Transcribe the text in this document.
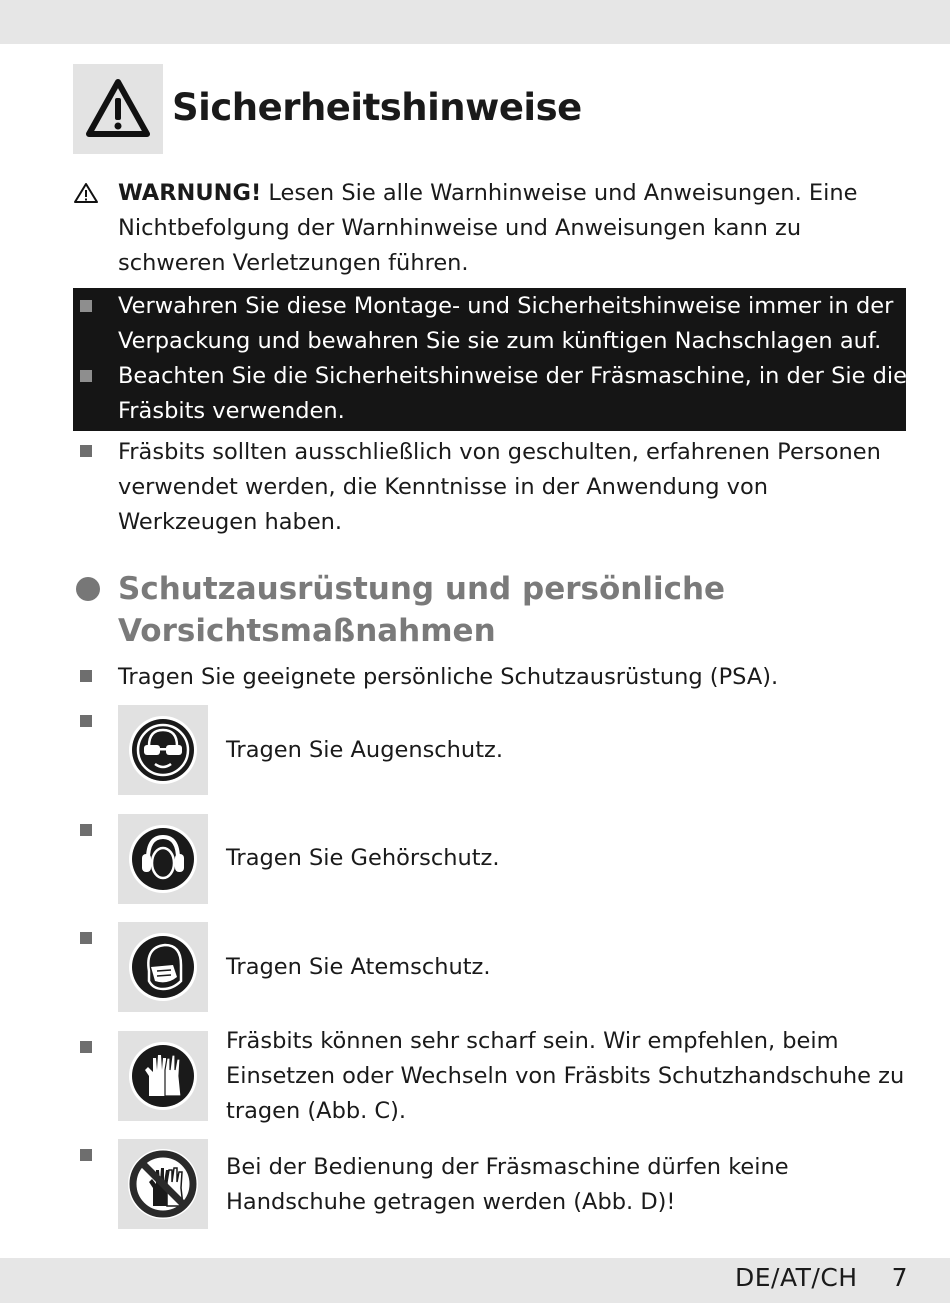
Sicherheitshinweise
WARNUNG! Lesen Sie alle Warnhinweise und Anweisungen. Eine Nichtbefolgung der Warnhinweise und Anweisungen kann zu schweren Verletzungen führen.
Verwahren Sie diese Montage- und Sicherheitshinweise immer in der Verpackung und bewahren Sie sie zum künftigen Nachschlagen auf.
Beachten Sie die Sicherheitshinweise der Fräsmaschine, in der Sie die Fräsbits verwenden.
Fräsbits sollten ausschließlich von geschulten, erfahrenen Personen verwendet werden, die Kenntnisse in der Anwendung von Werkzeugen haben.
Schutzausrüstung und persönliche Vorsichtsmaßnahmen
Tragen Sie geeignete persönliche Schutzausrüstung (PSA).
Tragen Sie Augenschutz.
Tragen Sie Gehörschutz.
Tragen Sie Atemschutz.
Fräsbits können sehr scharf sein. Wir empfehlen, beim Einsetzen oder Wechseln von Fräsbits Schutzhandschuhe zu tragen (Abb. C).
Bei der Bedienung der Fräsmaschine dürfen keine Handschuhe getragen werden (Abb. D)!
DE/AT/CH 7
